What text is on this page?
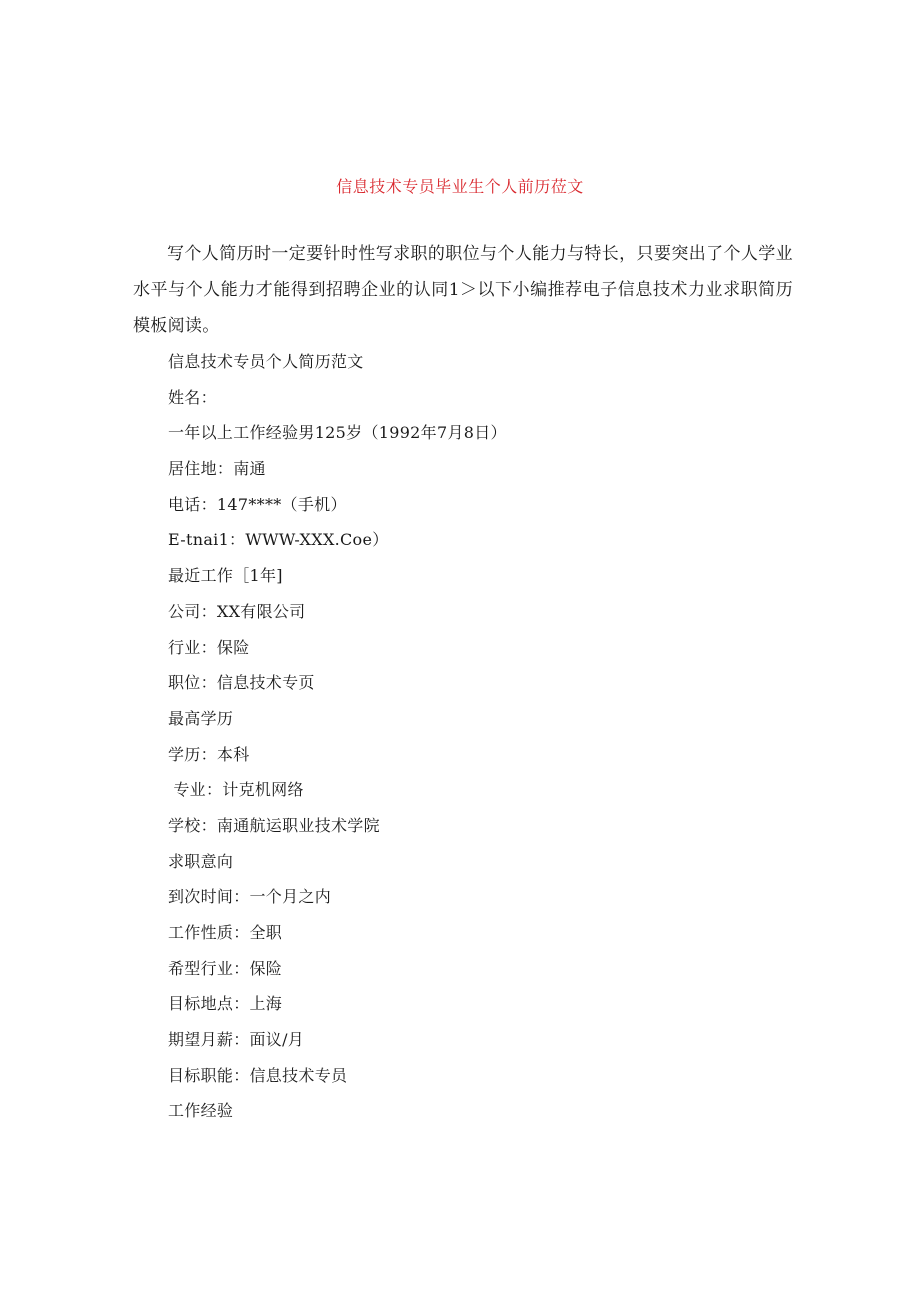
信息技术专员毕业生个人前历莅文

写个人简历时一定要针时性写求职的职位与个人能力与特长，只要突出了个人学业水平与个人能力才能得到招聘企业的认同1＞以下小编推荐电子信息技术力业求职简历模板阅读。

信息技术专员个人简历范文
姓名：
一年以上工作经验男125岁（1992年7月8日）
居住地：南通
电话：147****（手机）
E-tnai1：WWW-XXX.Coe）
最近工作［1年]
公司：XX有限公司
行业：保险
职位：信息技术专页
最高学历
学历：本科
专业：计克机网络
学校：南通航运职业技术学院
求职意向
到次时间：一个月之内
工作性质：全职
希型行业：保险
目标地点：上海
期望月薪：面议/月
目标职能：信息技术专员
工作经验
